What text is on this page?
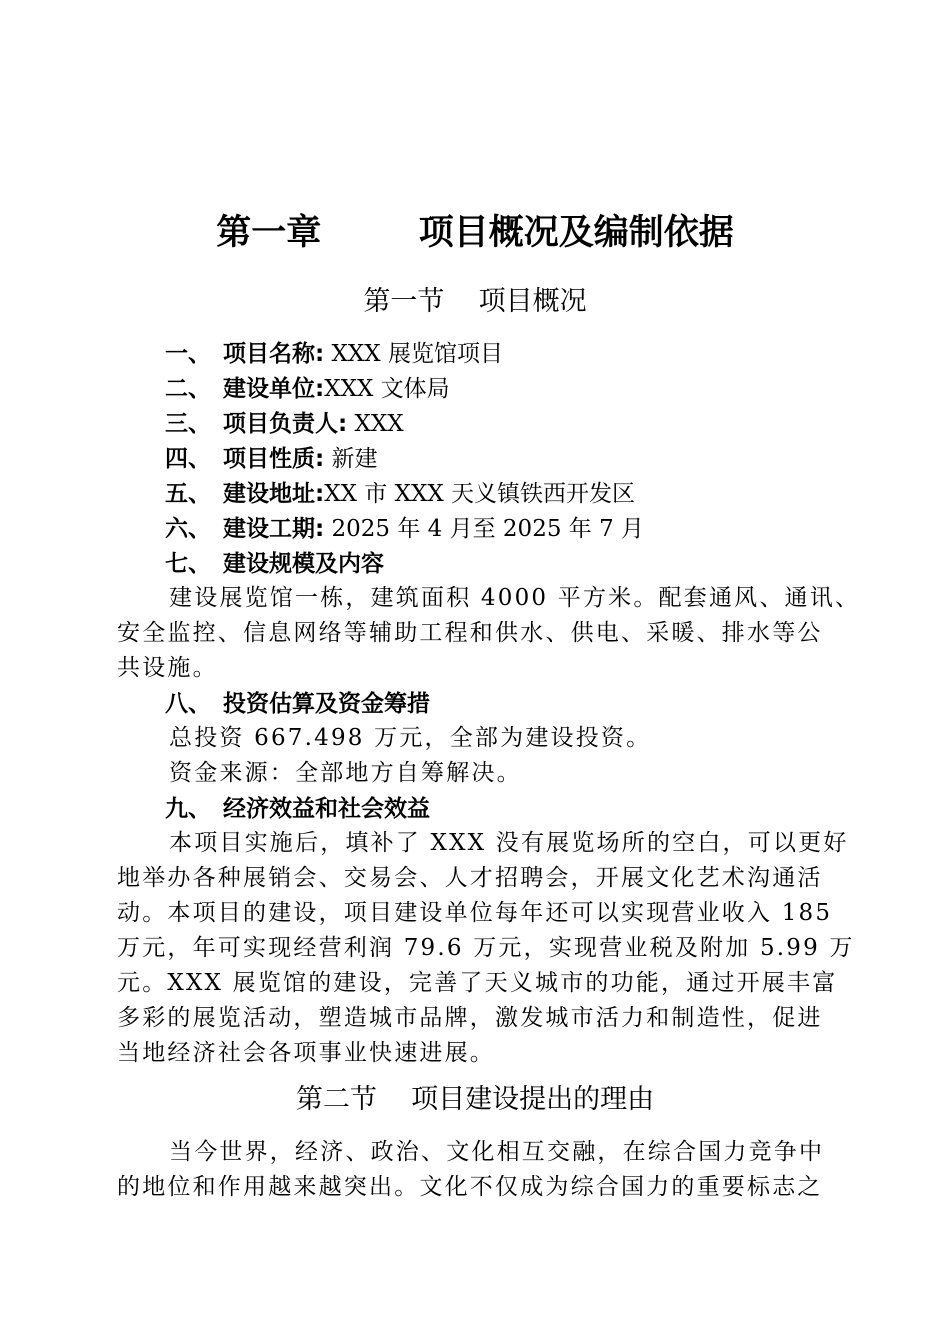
第一章        项目概况及编制依据
第一节    项目概况
一、 项目名称: XXX 展览馆项目
二、 建设单位:XXX 文体局
三、 项目负责人: XXX
四、 项目性质: 新建
五、 建设地址:XX 市 XXX 天义镇铁西开发区
六、 建设工期: 2025 年 4 月至 2025 年 7 月
七、 建设规模及内容
建设展览馆一栋，建筑面积 4000 平方米。配套通风、通讯、
安全监控、信息网络等辅助工程和供水、供电、采暖、排水等公
共设施。
八、 投资估算及资金筹措
总投资 667.498 万元，全部为建设投资。
资金来源：全部地方自筹解决。
九、 经济效益和社会效益
本项目实施后，填补了 XXX 没有展览场所的空白，可以更好
地举办各种展销会、交易会、人才招聘会，开展文化艺术沟通活
动。本项目的建设，项目建设单位每年还可以实现营业收入 185
万元，年可实现经营利润 79.6 万元，实现营业税及附加 5.99 万
元。XXX 展览馆的建设，完善了天义城市的功能，通过开展丰富
多彩的展览活动，塑造城市品牌，激发城市活力和制造性，促进
当地经济社会各项事业快速进展。
第二节    项目建设提出的理由
当今世界，经济、政治、文化相互交融，在综合国力竞争中
的地位和作用越来越突出。文化不仅成为综合国力的重要标志之
